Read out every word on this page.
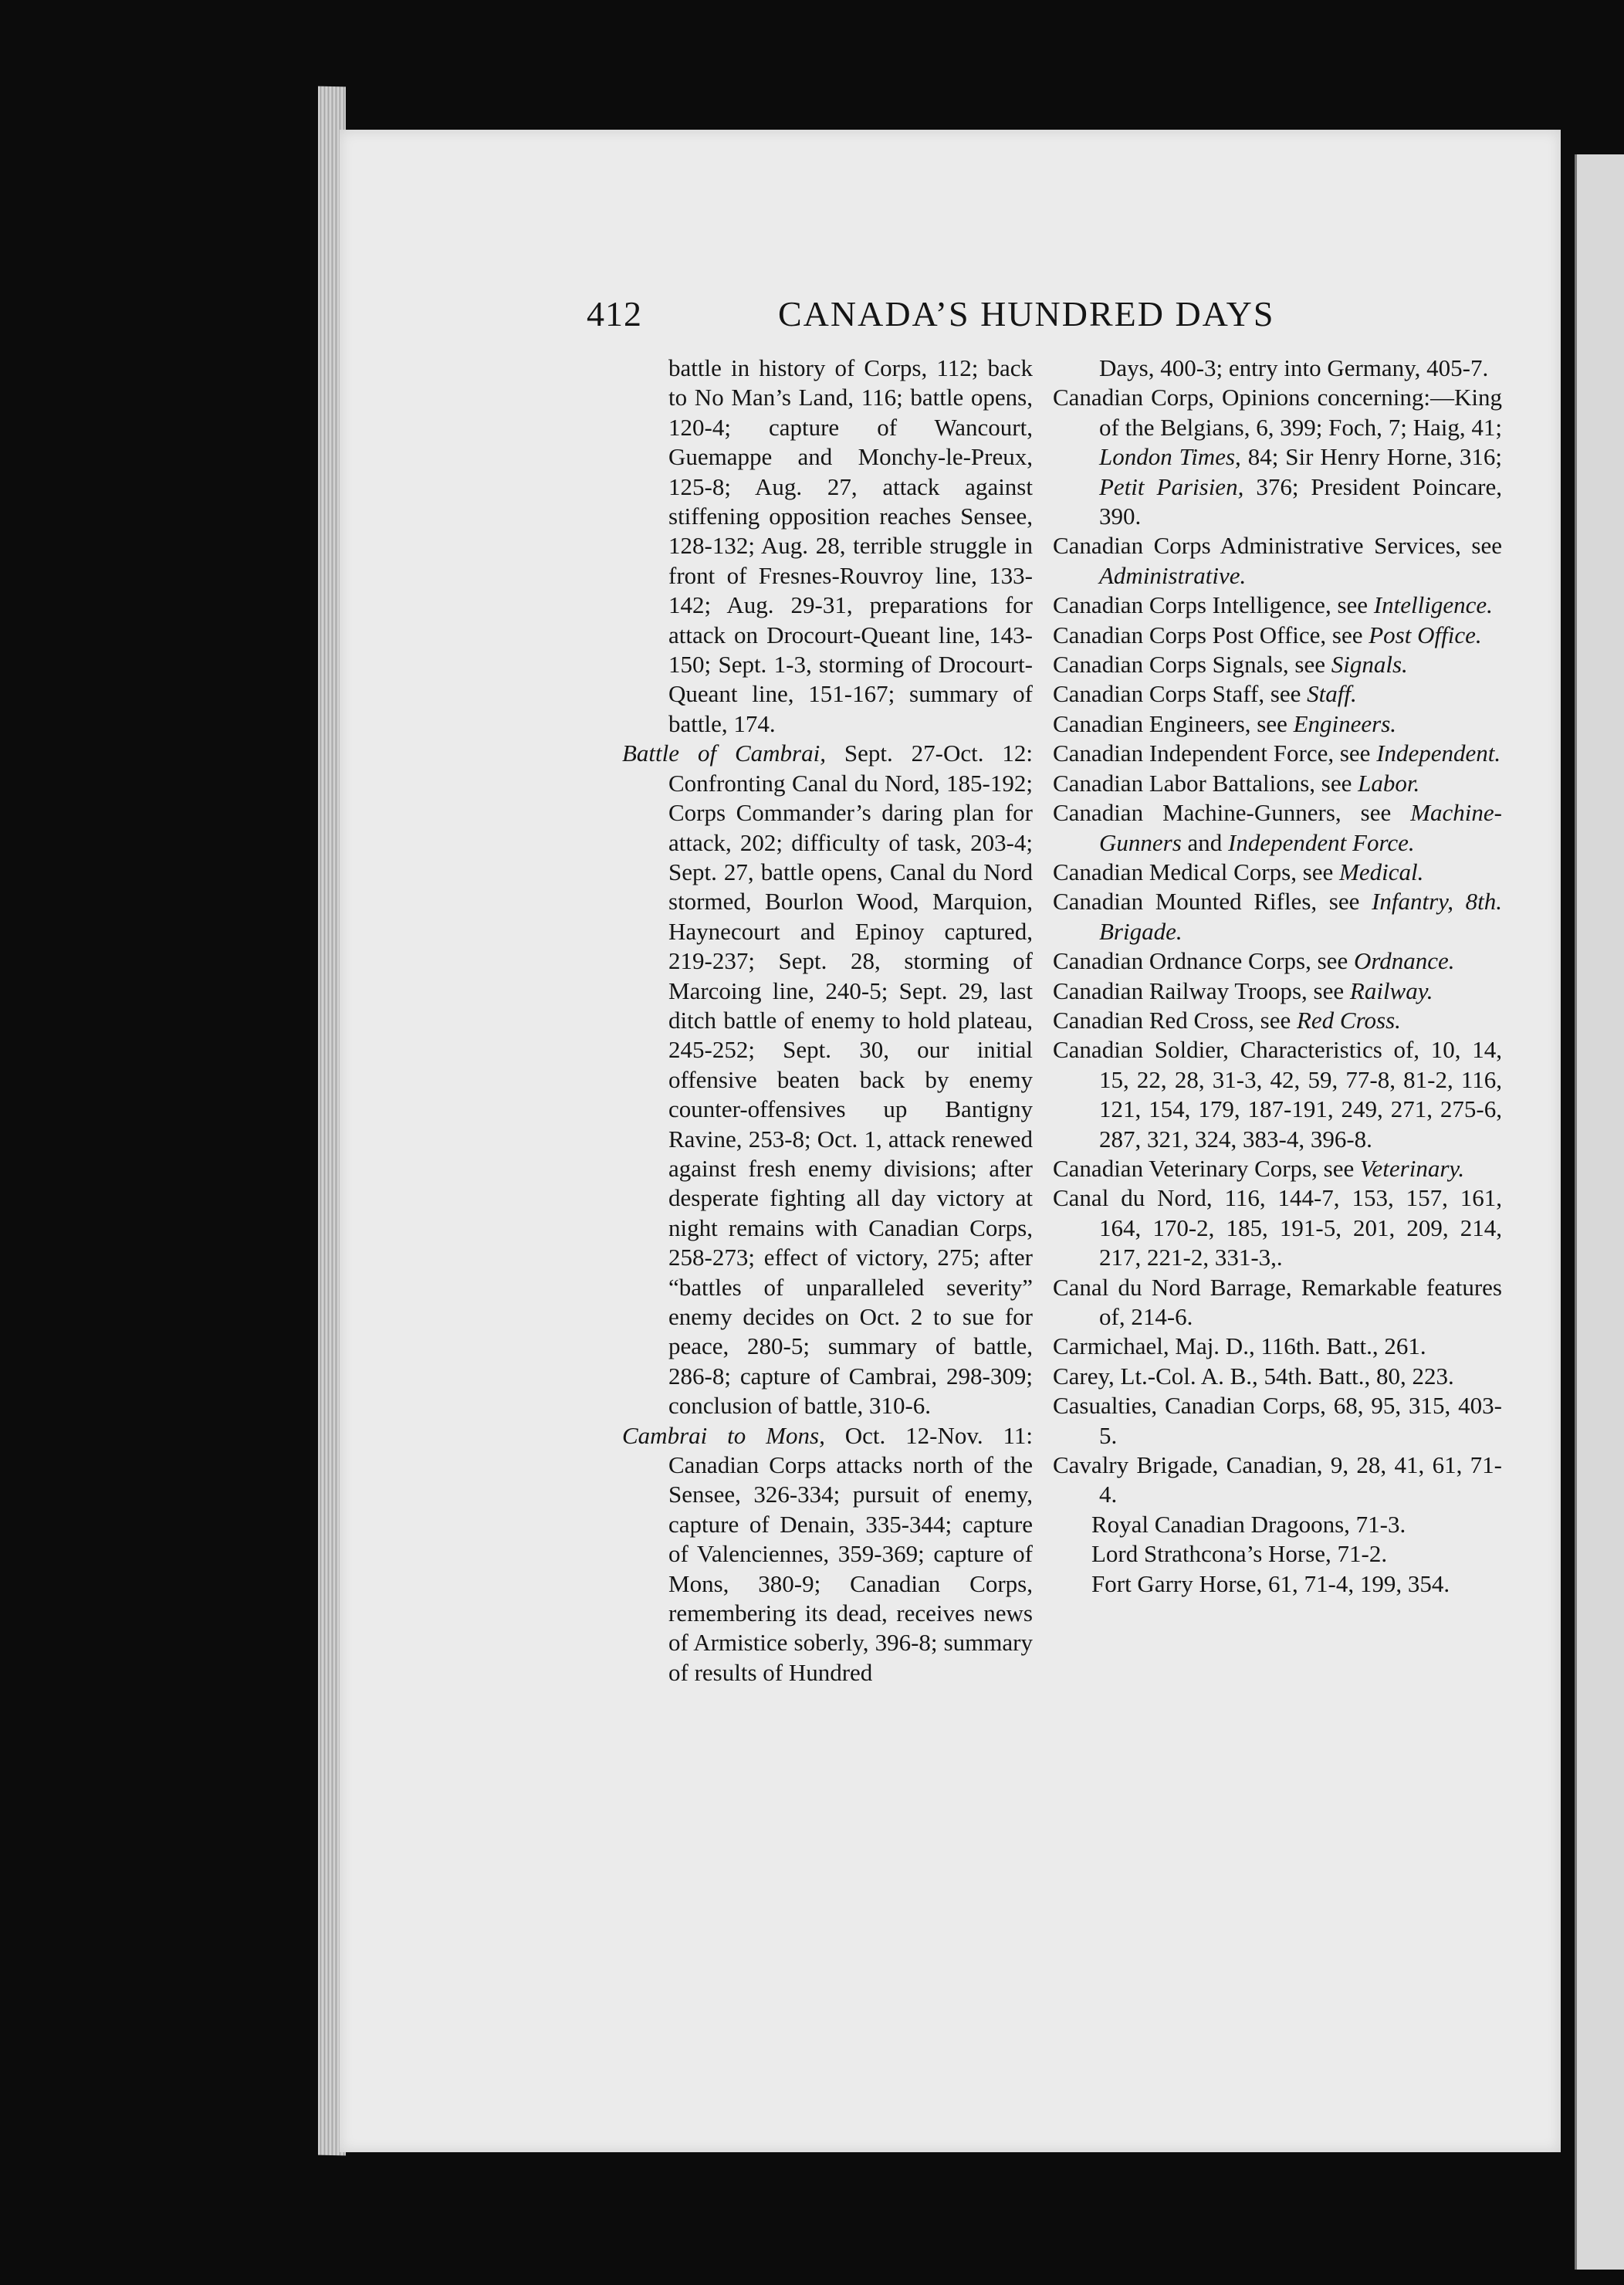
412	CANADA’S HUNDRED DAYS

battle in history of Corps, 112; back to No Man’s Land, 116; battle opens, 120-4; capture of Wancourt, Guemappe and Monchy-le-Preux, 125-8; Aug. 27, attack against stiffening opposition reaches Sensee, 128-132; Aug. 28, terrible struggle in front of Fresnes-Rouvroy line, 133-142; Aug. 29-31, preparations for attack on Drocourt-Queant line, 143-150; Sept. 1-3, storming of Drocourt-Queant line, 151-167; summary of battle, 174.

Battle of Cambrai, Sept. 27-Oct. 12: Confronting Canal du Nord, 185-192; Corps Commander’s daring plan for attack, 202; difficulty of task, 203-4; Sept. 27, battle opens, Canal du Nord stormed, Bourlon Wood, Marquion, Haynecourt and Epinoy captured, 219-237; Sept. 28, storming of Marcoing line, 240-5; Sept. 29, last ditch battle of enemy to hold plateau, 245-252; Sept. 30, our initial offensive beaten back by enemy counter-offensives up Bantigny Ravine, 253-8; Oct. 1, attack renewed against fresh enemy divisions; after desperate fighting all day victory at night remains with Canadian Corps, 258-273; effect of victory, 275; after “battles of unparalleled severity” enemy decides on Oct. 2 to sue for peace, 280-5; summary of battle, 286-8; capture of Cambrai, 298-309; conclusion of battle, 310-6.

Cambrai to Mons, Oct. 12-Nov. 11: Canadian Corps attacks north of the Sensee, 326-334; pursuit of enemy, capture of Denain, 335-344; capture of Valenciennes, 359-369; capture of Mons, 380-9; Canadian Corps, remembering its dead, receives news of Armistice soberly, 396-8; summary of results of Hundred

Days, 400-3; entry into Germany, 405-7.

Canadian Corps, Opinions concerning:—King of the Belgians, 6, 399; Foch, 7; Haig, 41; London Times, 84; Sir Henry Horne, 316; Petit Parisien, 376; President Poincare, 390.

Canadian Corps Administrative Services, see Administrative.

Canadian Corps Intelligence, see Intelligence.

Canadian Corps Post Office, see Post Office.

Canadian Corps Signals, see Signals.

Canadian Corps Staff, see Staff.

Canadian Engineers, see Engineers.

Canadian Independent Force, see Independent.

Canadian Labor Battalions, see Labor.

Canadian Machine-Gunners, see Machine-Gunners and Independent Force.

Canadian Medical Corps, see Medical.

Canadian Mounted Rifles, see Infantry, 8th. Brigade.

Canadian Ordnance Corps, see Ordnance.

Canadian Railway Troops, see Railway.

Canadian Red Cross, see Red Cross.

Canadian Soldier, Characteristics of, 10, 14, 15, 22, 28, 31-3, 42, 59, 77-8, 81-2, 116, 121, 154, 179, 187-191, 249, 271, 275-6, 287, 321, 324, 383-4, 396-8.

Canadian Veterinary Corps, see Veterinary.

Canal du Nord, 116, 144-7, 153, 157, 161, 164, 170-2, 185, 191-5, 201, 209, 214, 217, 221-2, 331-3,.

Canal du Nord Barrage, Remarkable features of, 214-6.

Carmichael, Maj. D., 116th. Batt., 261.

Carey, Lt.-Col. A. B., 54th. Batt., 80, 223.

Casualties, Canadian Corps, 68, 95, 315, 403-5.

Cavalry Brigade, Canadian, 9, 28, 41, 61, 71-4.

Royal Canadian Dragoons, 71-3.

Lord Strathcona’s Horse, 71-2.

Fort Garry Horse, 61, 71-4, 199, 354.
